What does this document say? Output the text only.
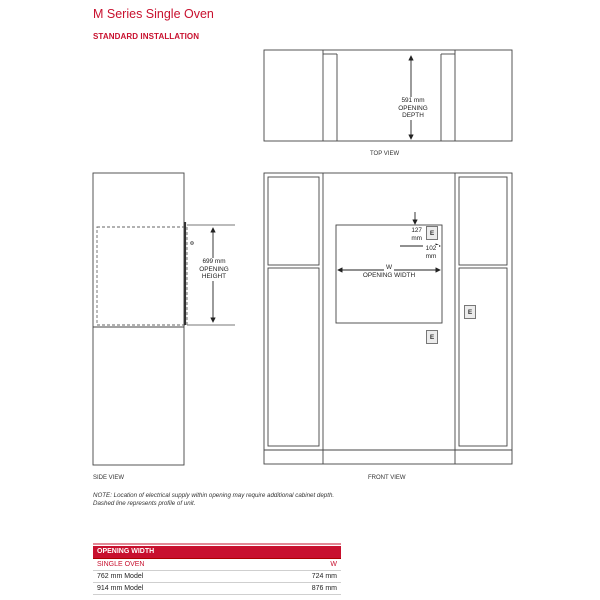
M Series Single Oven
STANDARD INSTALLATION
591 mm
OPENING
DEPTH
TOP VIEW
699 mm
OPENING
HEIGHT
SIDE VIEW
127
mm
102
mm
W
OPENING WIDTH
E
E
E
FRONT VIEW
NOTE: Location of electrical supply within opening may require additional cabinet depth.
Dashed line represents profile of unit.
OPENING WIDTH
SINGLE OVEN	W
762 mm Model	724 mm
914 mm Model	876 mm
